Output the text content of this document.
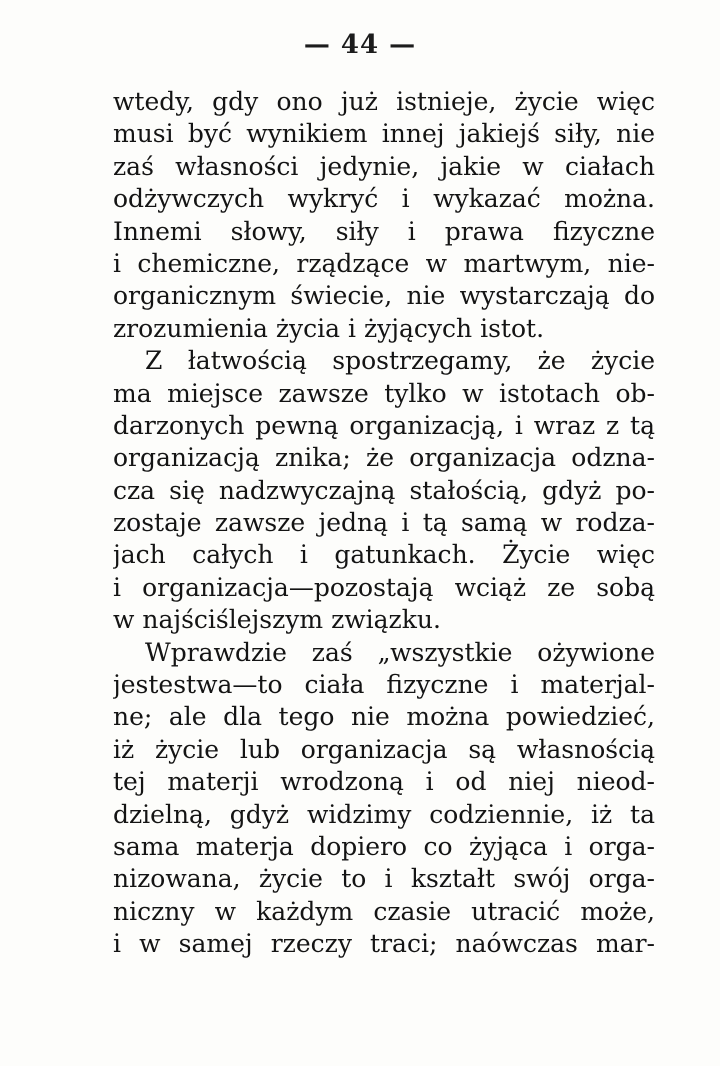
— 44 —
wtedy, gdy ono już istnieje, życie więc
musi być wynikiem innej jakiejś siły, nie
zaś własności jedynie, jakie w ciałach
odżywczych wykryć i wykazać można.
Innemi słowy, siły i prawa fizyczne
i chemiczne, rządzące w martwym, nie-
organicznym świecie, nie wystarczają do
zrozumienia życia i żyjących istot.
Z łatwością spostrzegamy, że życie
ma miejsce zawsze tylko w istotach ob-
darzonych pewną organizacją, i wraz z tą
organizacją znika; że organizacja odzna-
cza się nadzwyczajną stałością, gdyż po-
zostaje zawsze jedną i tą samą w rodza-
jach całych i gatunkach. Życie więc
i organizacja—pozostają wciąż ze sobą
w najściślejszym związku.
Wprawdzie zaś „wszystkie ożywione
jestestwa—to ciała fizyczne i materjal-
ne; ale dla tego nie można powiedzieć,
iż życie lub organizacja są własnością
tej materji wrodzoną i od niej nieod-
dzielną, gdyż widzimy codziennie, iż ta
sama materja dopiero co żyjąca i orga-
nizowana, życie to i kształt swój orga-
niczny w każdym czasie utracić może,
i w samej rzeczy traci; naówczas mar-
